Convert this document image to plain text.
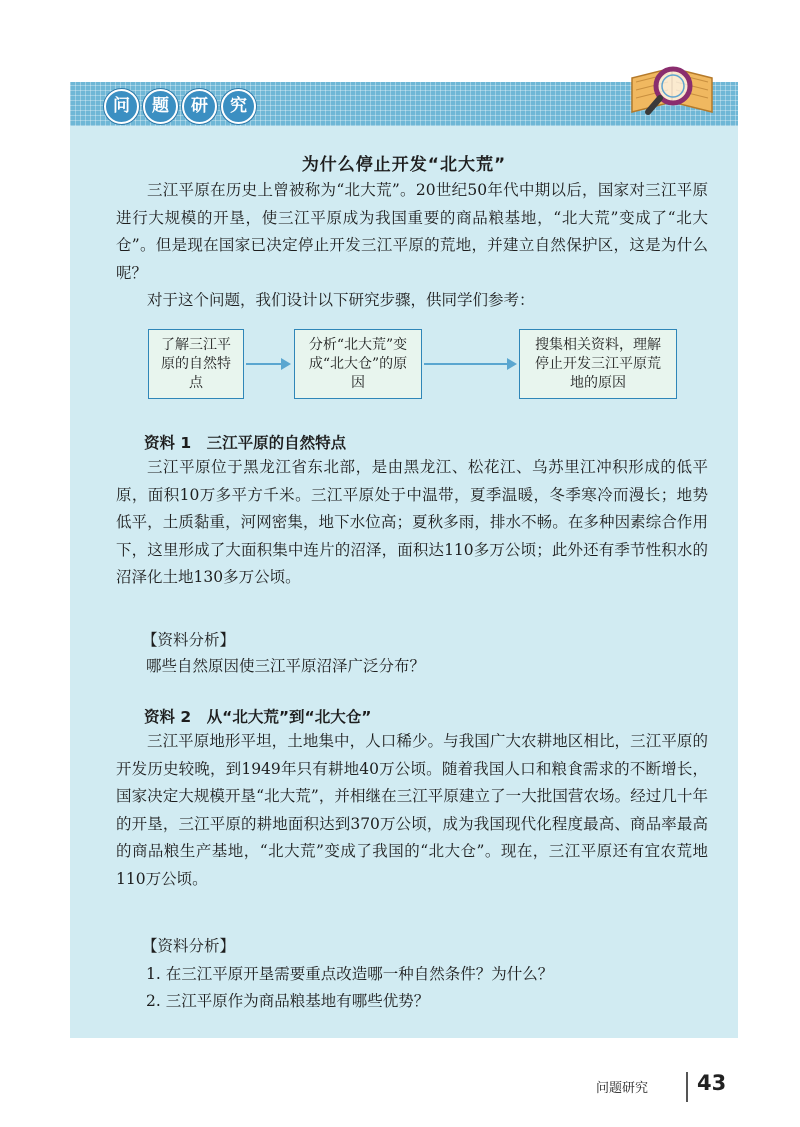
问	题	研	究
为什么停止开发“北大荒”

三江平原在历史上曾被称为“北大荒”。20世纪50年代中期以后，国家对三江平原进行大规模的开垦，使三江平原成为我国重要的商品粮基地，“北大荒”变成了“北大仓”。但是现在国家已决定停止开发三江平原的荒地，并建立自然保护区，这是为什么呢？

对于这个问题，我们设计以下研究步骤，供同学们参考：

了解三江平原的自然特点
分析“北大荒”变成“北大仓”的原因
搜集相关资料，理解停止开发三江平原荒地的原因
资料 1　三江平原的自然特点

三江平原位于黑龙江省东北部，是由黑龙江、松花江、乌苏里江冲积形成的低平原，面积10万多平方千米。三江平原处于中温带，夏季温暖，冬季寒冷而漫长；地势低平，土质黏重，河网密集，地下水位高；夏秋多雨，排水不畅。在多种因素综合作用下，这里形成了大面积集中连片的沼泽，面积达110多万公顷；此外还有季节性积水的沼泽化土地130多万公顷。

【资料分析】
哪些自然原因使三江平原沼泽广泛分布？
资料 2　从“北大荒”到“北大仓”

三江平原地形平坦，土地集中，人口稀少。与我国广大农耕地区相比，三江平原的开发历史较晚，到1949年只有耕地40万公顷。随着我国人口和粮食需求的不断增长，国家决定大规模开垦“北大荒”，并相继在三江平原建立了一大批国营农场。经过几十年的开垦，三江平原的耕地面积达到370万公顷，成为我国现代化程度最高、商品率最高的商品粮生产基地，“北大荒”变成了我国的“北大仓”。现在，三江平原还有宜农荒地110万公顷。

【资料分析】
1. 在三江平原开垦需要重点改造哪一种自然条件？为什么？
2. 三江平原作为商品粮基地有哪些优势？
问题研究 43
